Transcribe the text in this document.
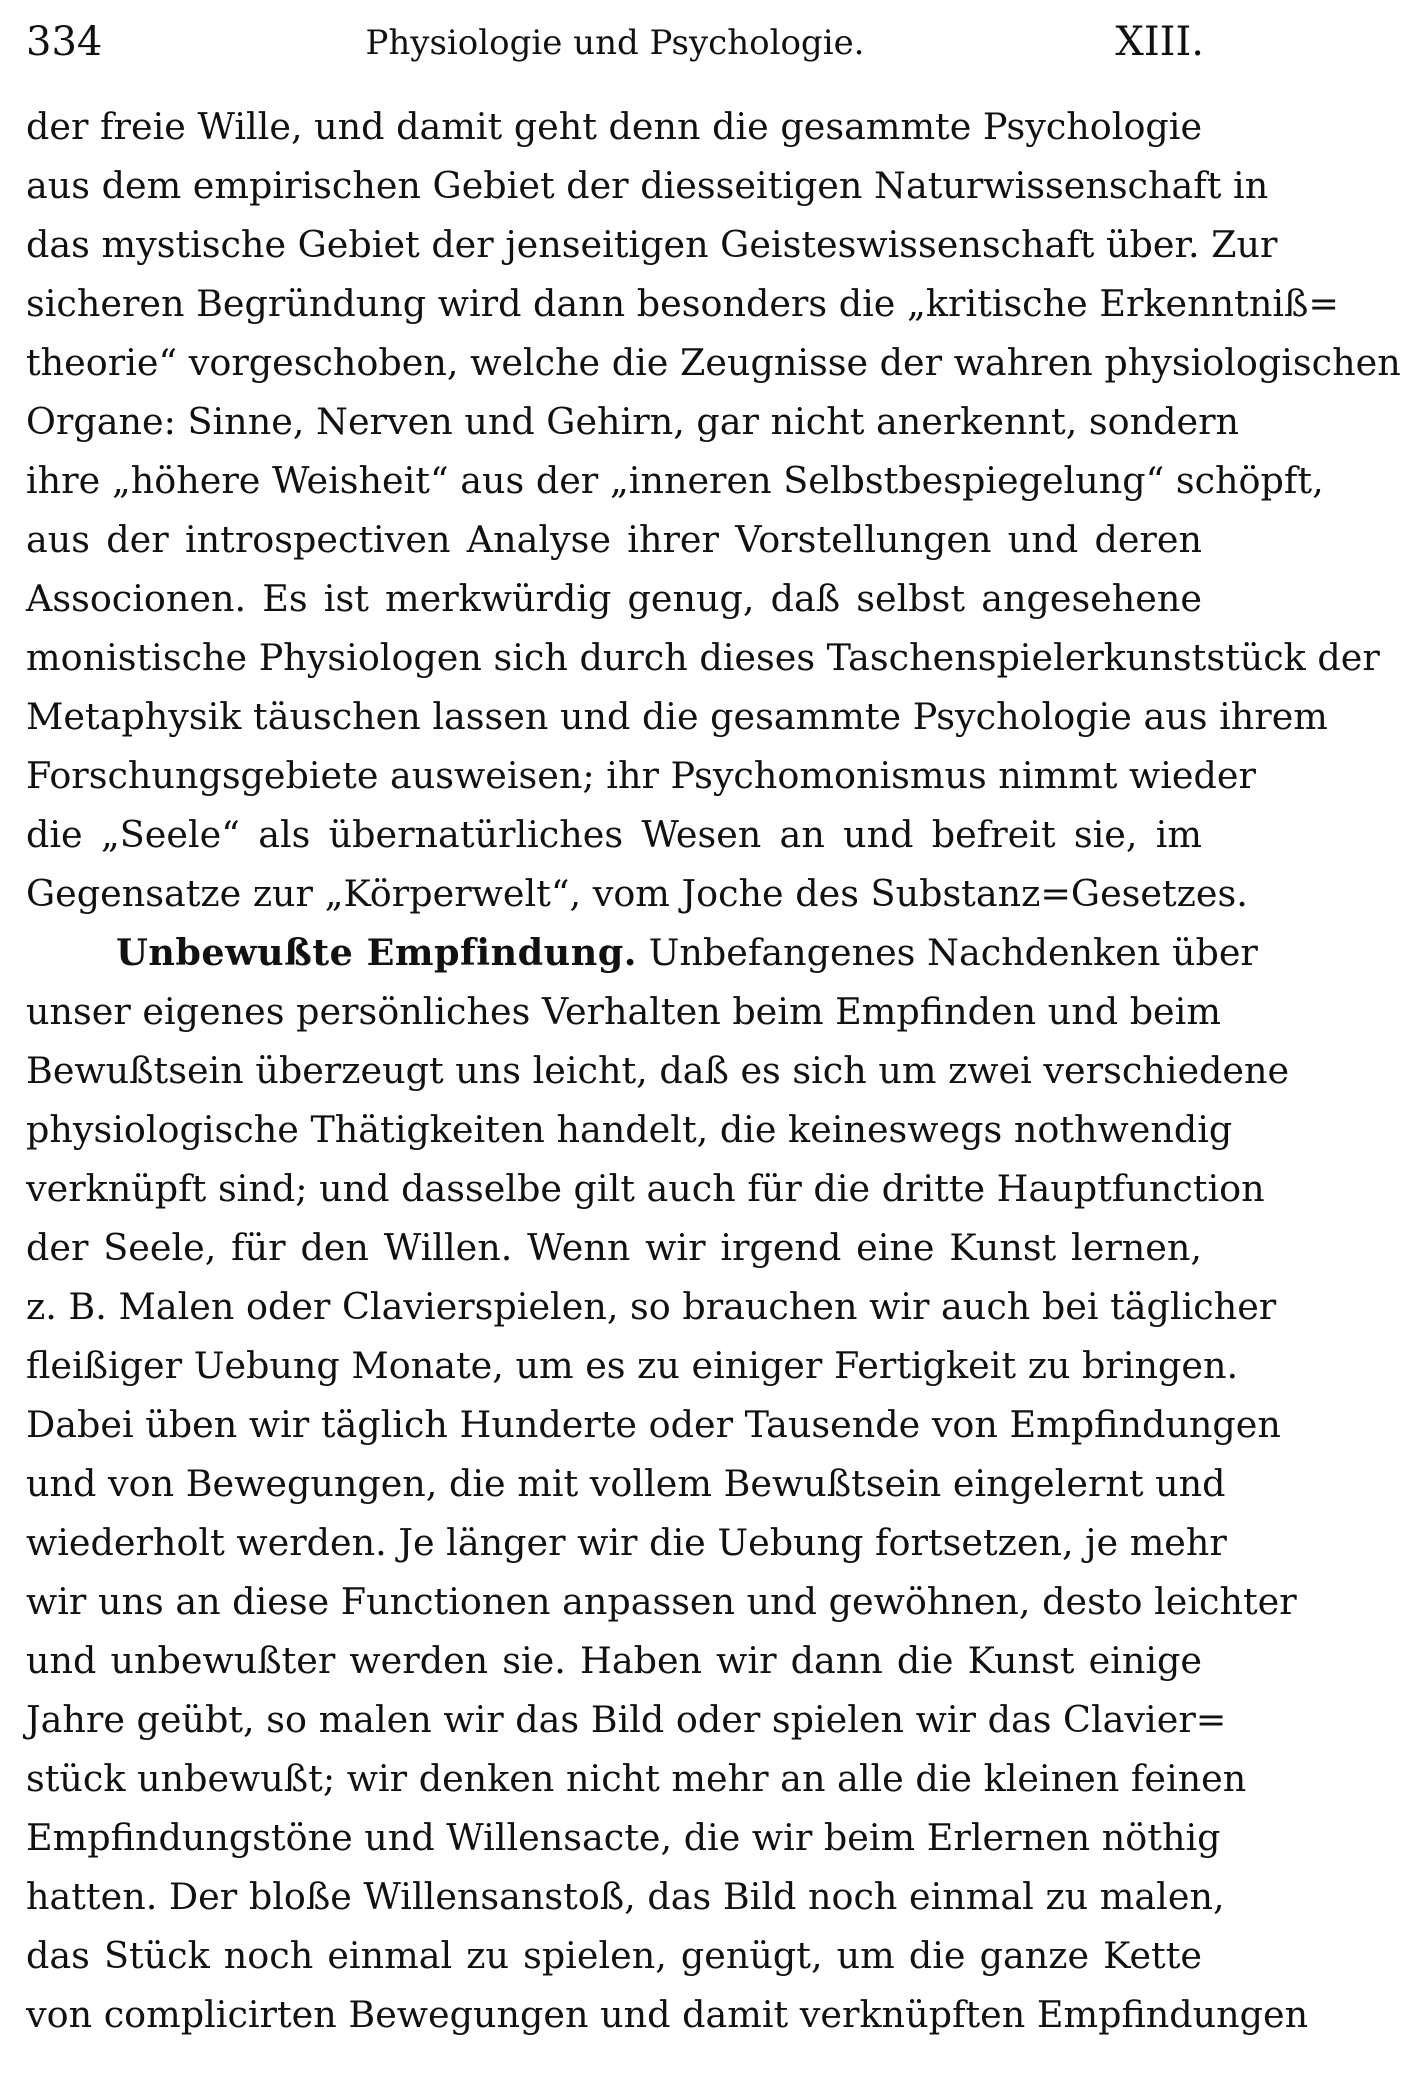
334	Physiologie und Psychologie.	XIII.
der freie Wille, und damit geht denn die gesammte Psychologie
aus dem empirischen Gebiet der diesseitigen Naturwissenschaft in
das mystische Gebiet der jenseitigen Geisteswissenschaft über. Zur
sicheren Begründung wird dann besonders die „kritische Erkenntniß=
theorie“ vorgeschoben, welche die Zeugnisse der wahren physiologischen
Organe: Sinne, Nerven und Gehirn, gar nicht anerkennt, sondern
ihre „höhere Weisheit“ aus der „inneren Selbstbespiegelung“ schöpft,
aus der introspectiven Analyse ihrer Vorstellungen und deren
Associonen. Es ist merkwürdig genug, daß selbst angesehene
monistische Physiologen sich durch dieses Taschenspielerkunststück der
Metaphysik täuschen lassen und die gesammte Psychologie aus ihrem
Forschungsgebiete ausweisen; ihr Psychomonismus nimmt wieder
die „Seele“ als übernatürliches Wesen an und befreit sie, im
Gegensatze zur „Körperwelt“, vom Joche des Substanz=Gesetzes.
Unbewußte Empfindung. Unbefangenes Nachdenken über
unser eigenes persönliches Verhalten beim Empfinden und beim
Bewußtsein überzeugt uns leicht, daß es sich um zwei verschiedene
physiologische Thätigkeiten handelt, die keineswegs nothwendig
verknüpft sind; und dasselbe gilt auch für die dritte Hauptfunction
der Seele, für den Willen. Wenn wir irgend eine Kunst lernen,
z. B. Malen oder Clavierspielen, so brauchen wir auch bei täglicher
fleißiger Uebung Monate, um es zu einiger Fertigkeit zu bringen.
Dabei üben wir täglich Hunderte oder Tausende von Empfindungen
und von Bewegungen, die mit vollem Bewußtsein eingelernt und
wiederholt werden. Je länger wir die Uebung fortsetzen, je mehr
wir uns an diese Functionen anpassen und gewöhnen, desto leichter
und unbewußter werden sie. Haben wir dann die Kunst einige
Jahre geübt, so malen wir das Bild oder spielen wir das Clavier=
stück unbewußt; wir denken nicht mehr an alle die kleinen feinen
Empfindungstöne und Willensacte, die wir beim Erlernen nöthig
hatten. Der bloße Willensanstoß, das Bild noch einmal zu malen,
das Stück noch einmal zu spielen, genügt, um die ganze Kette
von complicirten Bewegungen und damit verknüpften Empfindungen
